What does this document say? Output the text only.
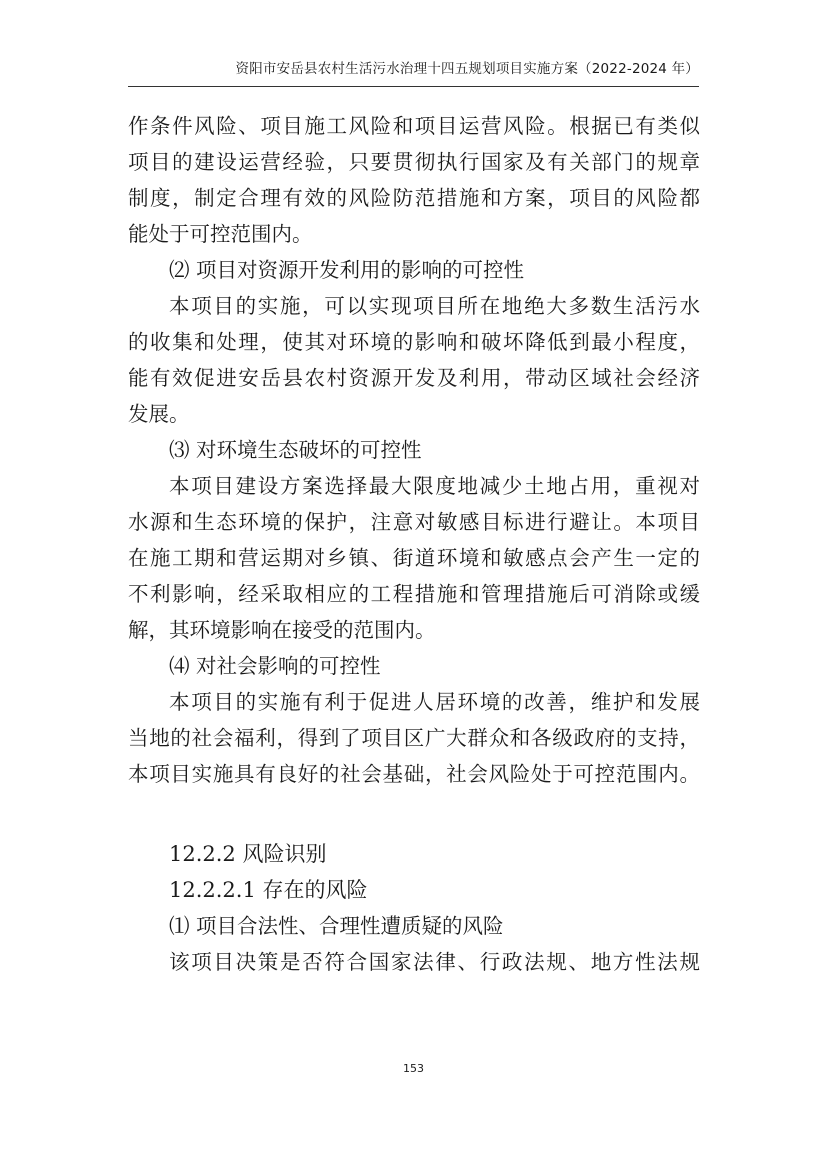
资阳市安岳县农村生活污水治理十四五规划项目实施方案（2022-2024 年）
作条件风险、项目施工风险和项目运营风险。根据已有类似
项目的建设运营经验，只要贯彻执行国家及有关部门的规章
制度，制定合理有效的风险防范措施和方案，项目的风险都
能处于可控范围内。
⑵ 项目对资源开发利用的影响的可控性
本项目的实施，可以实现项目所在地绝大多数生活污水
的收集和处理，使其对环境的影响和破坏降低到最小程度，
能有效促进安岳县农村资源开发及利用，带动区域社会经济
发展。
⑶ 对环境生态破坏的可控性
本项目建设方案选择最大限度地减少土地占用，重视对
水源和生态环境的保护，注意对敏感目标进行避让。本项目
在施工期和营运期对乡镇、街道环境和敏感点会产生一定的
不利影响，经采取相应的工程措施和管理措施后可消除或缓
解，其环境影响在接受的范围内。
⑷ 对社会影响的可控性
本项目的实施有利于促进人居环境的改善，维护和发展
当地的社会福利，得到了项目区广大群众和各级政府的支持，
本项目实施具有良好的社会基础，社会风险处于可控范围内。
12.2.2 风险识别
12.2.2.1 存在的风险
⑴ 项目合法性、合理性遭质疑的风险
该项目决策是否符合国家法律、行政法规、地方性法规
153
